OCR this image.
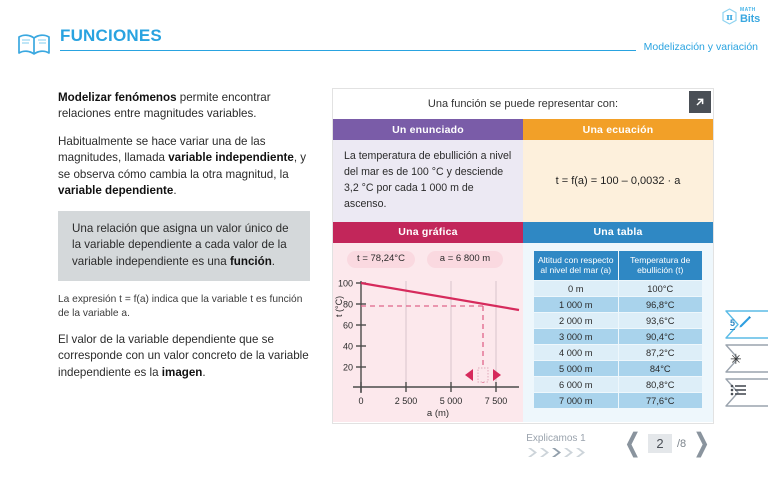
π
MATH
Bits
FUNCIONES
Modelización y variación

Modelizar fenómenos permite encontrar relaciones entre magnitudes variables.

Habitualmente se hace variar una de las magnitudes, llamada variable independiente, y se observa cómo cambia la otra magnitud, la variable dependiente.

Una relación que asigna un valor único de la variable dependiente a cada valor de la variable independiente es una función.

La expresión t = f(a) indica que la variable t es función de la variable a.

El valor de la variable dependiente que se corresponde con un valor concreto de la variable independiente es la imagen.

Una función se puede representar con:
Un enunciado	Una ecuación
La temperatura de ebullición a nivel del mar es de 100 °C y desciende 3,2 °C por cada 1 000 m de ascenso.
t = f(a) = 100 – 0,0032 · a
Una gráfica	Una tabla
t = 78,24°C	a = 6 800 m
t (°C)
100
80
60
40
20
0	2 500 5 000 7 500
a (m)
Altitud con respecto al nivel del mar (a)	Temperatura de ebullición (t)
0 m	100°C
1 000 m	96,8°C
2 000 m	93,6°C
3 000 m	90,4°C
4 000 m	87,2°C
5 000 m	84°C
6 000 m	80,8°C
7 000 m	77,6°C
5
✳
Explicamos 1	❬	2	/8 ❭
